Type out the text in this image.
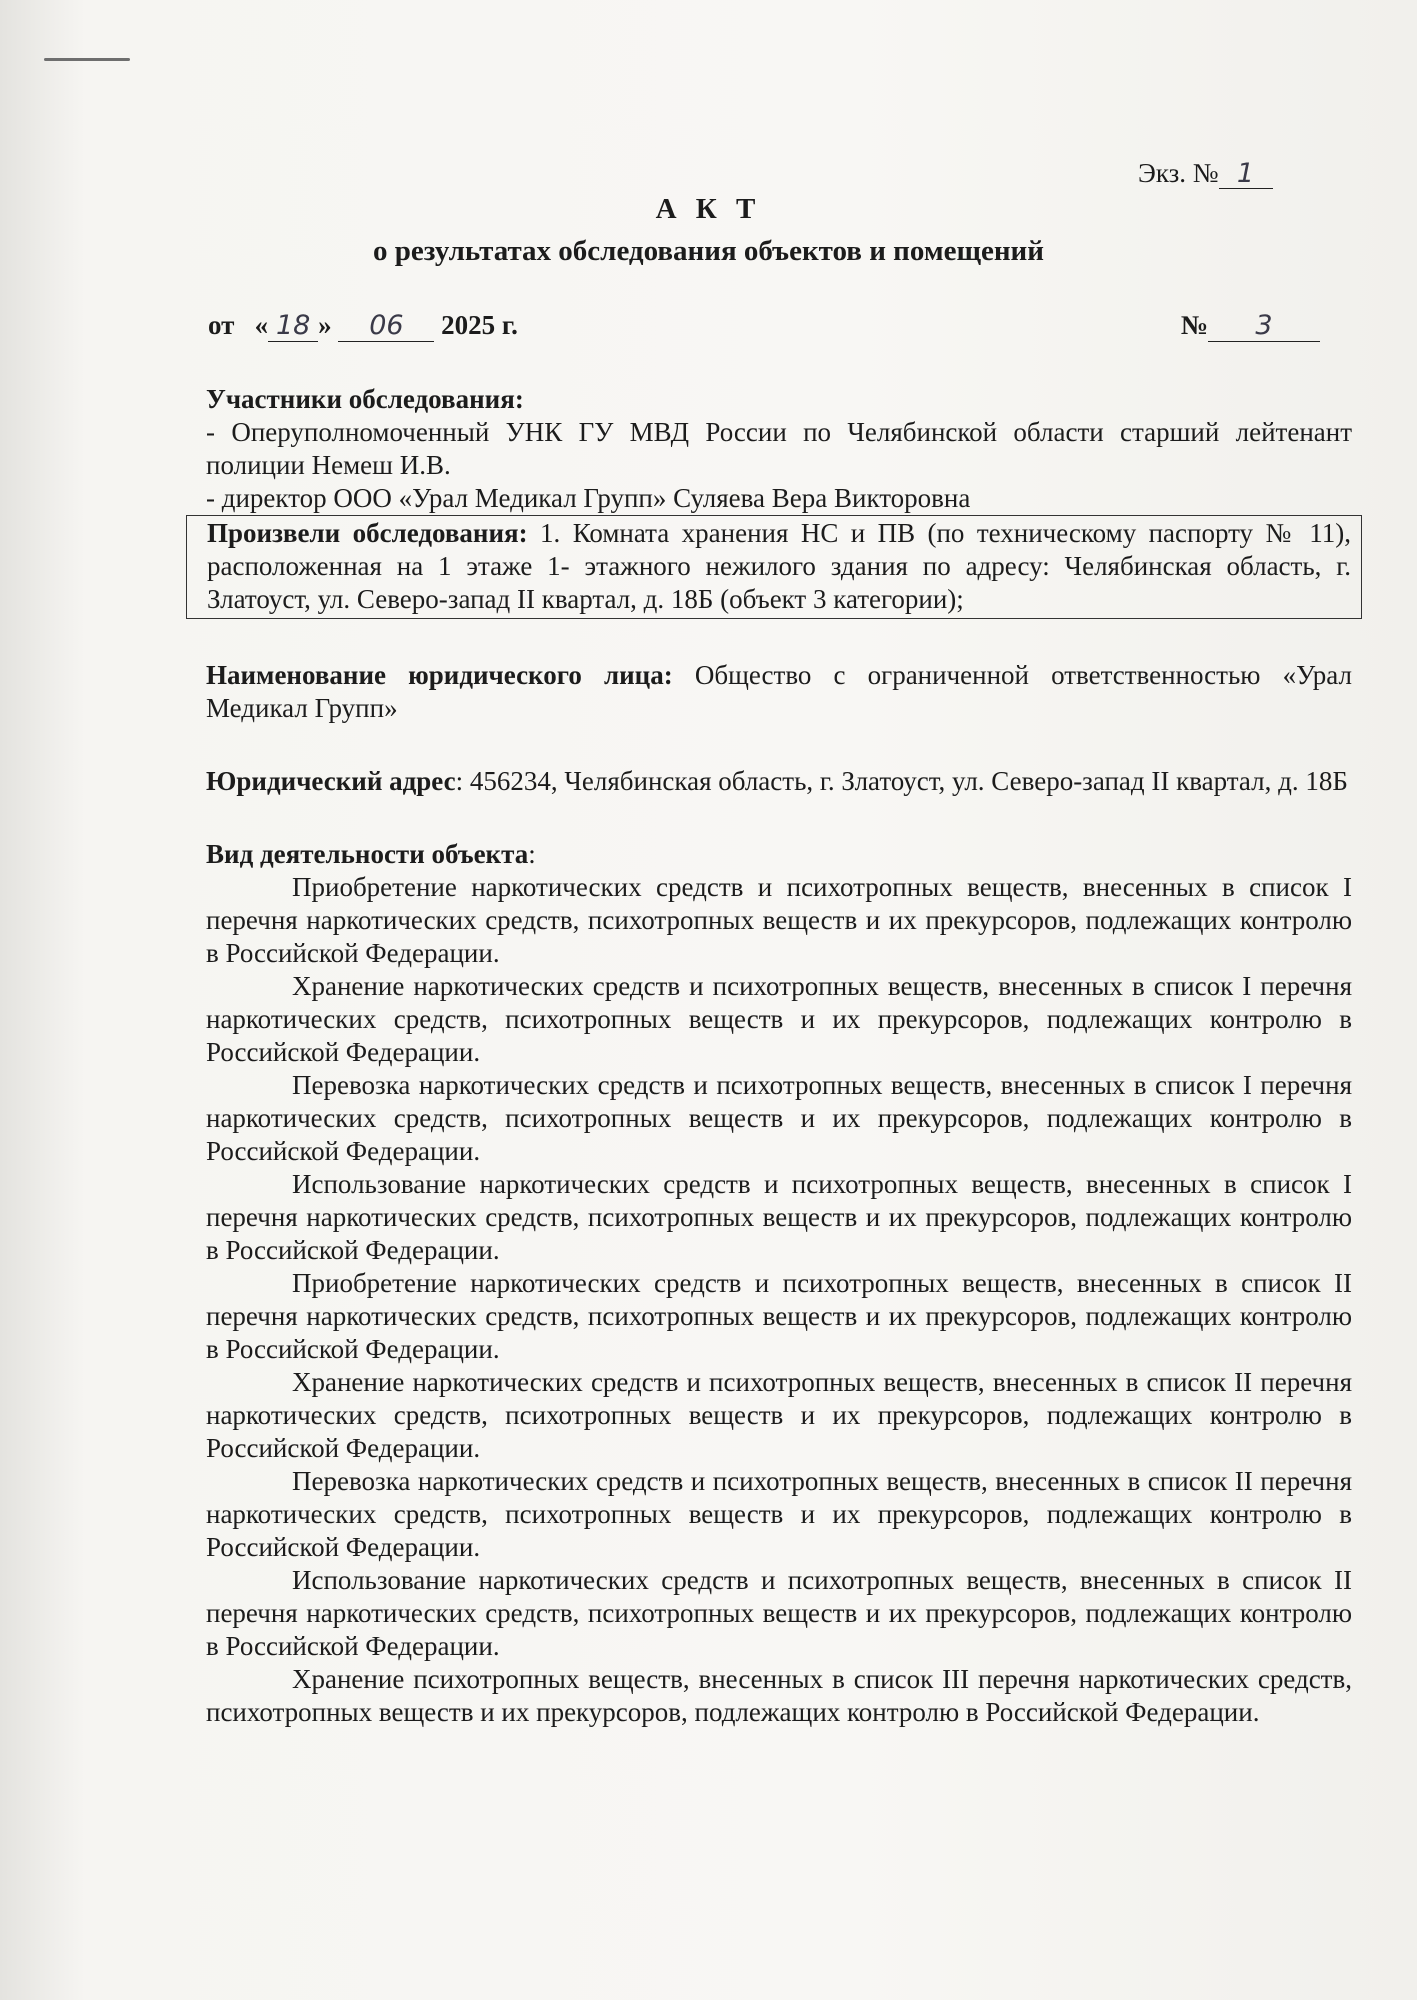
Экз. № 1
А К Т
о результатах обследования объектов и помещений
от « 18 » 06 2025 г.	№ 3

Участники обследования:

- Оперуполномоченный УНК ГУ МВД России по Челябинской области старший лейтенант полиции Немеш И.В.

- директор ООО «Урал Медикал Групп» Суляева Вера Викторовна

Произвели обследования: 1. Комната хранения НС и ПВ (по техническому паспорту № 11), расположенная на 1 этаже 1- этажного нежилого здания по адресу: Челябинская область, г. Златоуст, ул. Северо-запад II квартал, д. 18Б (объект 3 категории);

Наименование юридического лица: Общество с ограниченной ответственностью «Урал Медикал Групп»

Юридический адрес: 456234, Челябинская область, г. Златоуст, ул. Северо-запад II квартал, д. 18Б

Вид деятельности объекта:

Приобретение наркотических средств и психотропных веществ, внесенных в список I перечня наркотических средств, психотропных веществ и их прекурсоров, подлежащих контролю в Российской Федерации.

Хранение наркотических средств и психотропных веществ, внесенных в список I перечня наркотических средств, психотропных веществ и их прекурсоров, подлежащих контролю в Российской Федерации.

Перевозка наркотических средств и психотропных веществ, внесенных в список I перечня наркотических средств, психотропных веществ и их прекурсоров, подлежащих контролю в Российской Федерации.

Использование наркотических средств и психотропных веществ, внесенных в список I перечня наркотических средств, психотропных веществ и их прекурсоров, подлежащих контролю в Российской Федерации.

Приобретение наркотических средств и психотропных веществ, внесенных в список II перечня наркотических средств, психотропных веществ и их прекурсоров, подлежащих контролю в Российской Федерации.

Хранение наркотических средств и психотропных веществ, внесенных в список II перечня наркотических средств, психотропных веществ и их прекурсоров, подлежащих контролю в Российской Федерации.

Перевозка наркотических средств и психотропных веществ, внесенных в список II перечня наркотических средств, психотропных веществ и их прекурсоров, подлежащих контролю в Российской Федерации.

Использование наркотических средств и психотропных веществ, внесенных в список II перечня наркотических средств, психотропных веществ и их прекурсоров, подлежащих контролю в Российской Федерации.

Хранение психотропных веществ, внесенных в список III перечня наркотических средств, психотропных веществ и их прекурсоров, подлежащих контролю в Российской Федерации.
